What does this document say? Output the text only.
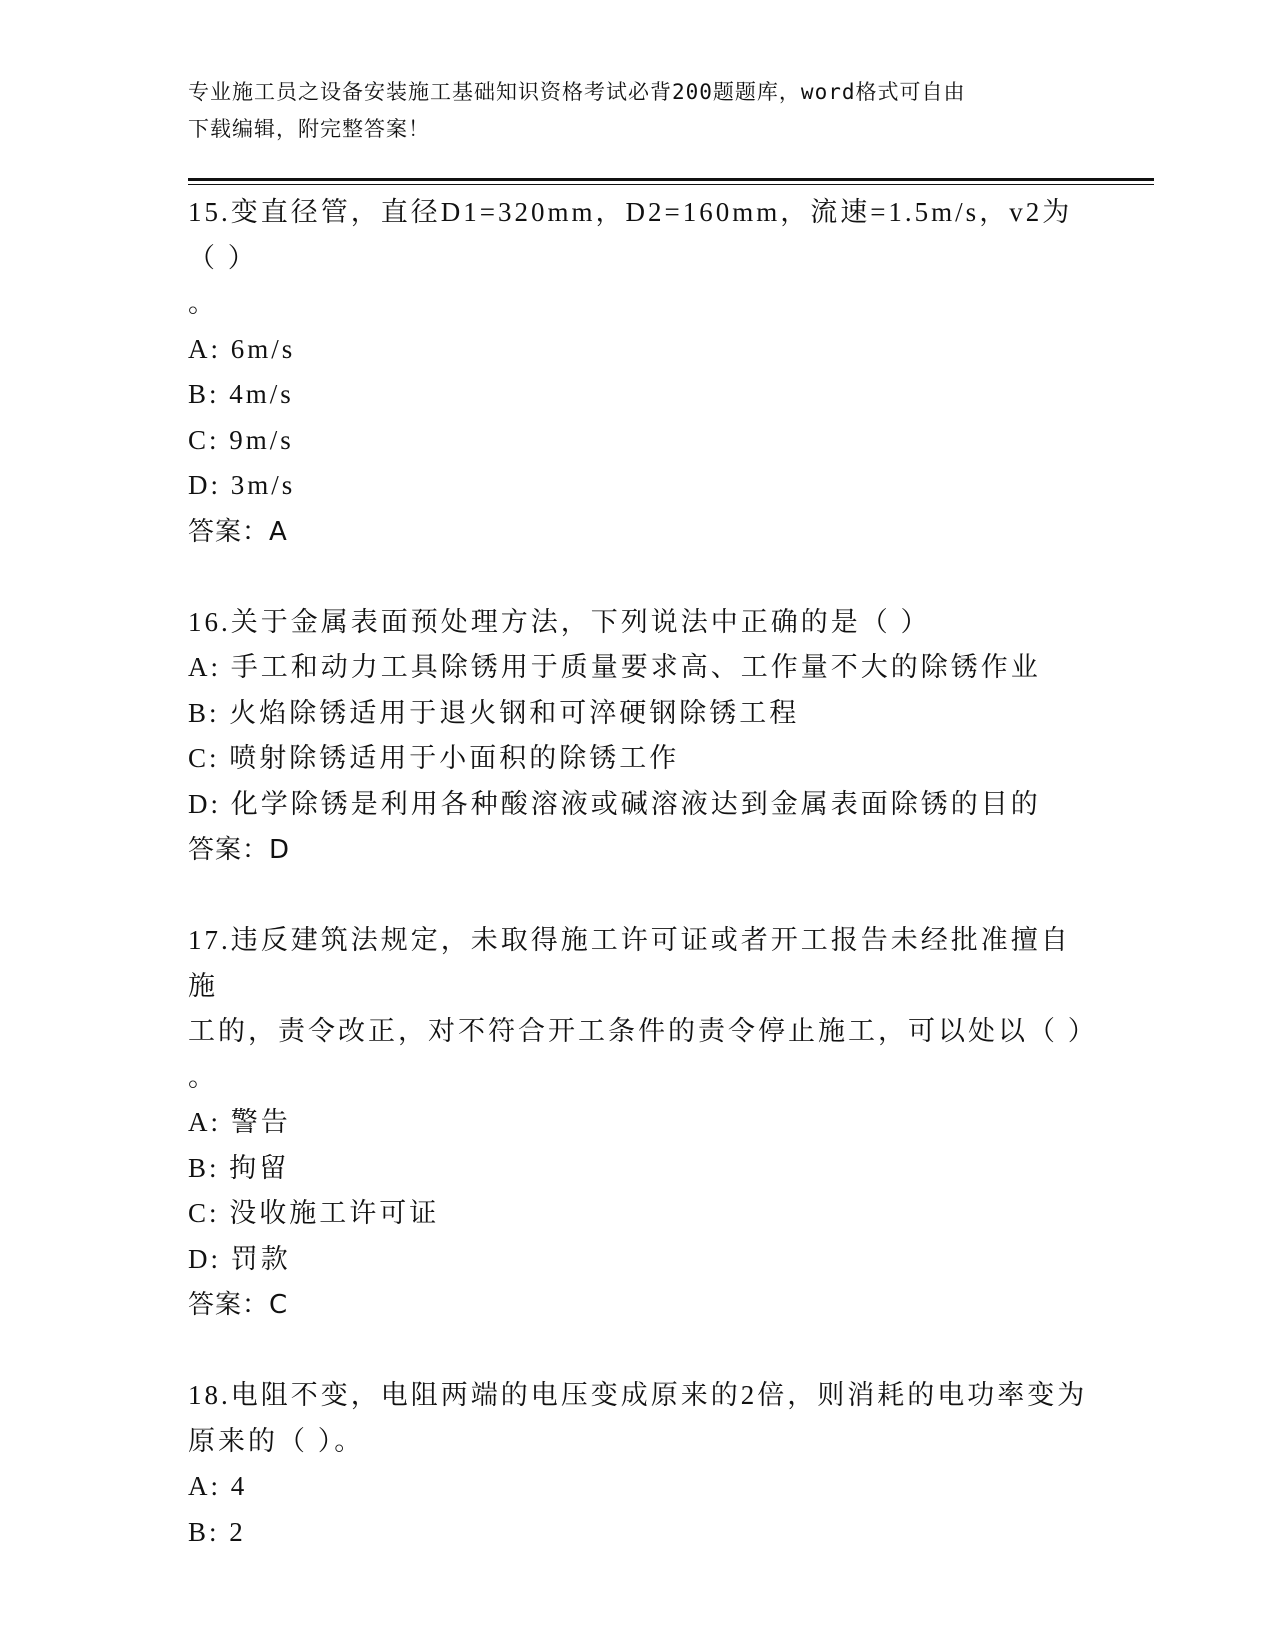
专业施工员之设备安装施工基础知识资格考试必背200题题库，word格式可自由
下载编辑，附完整答案！
15.变直径管，直径D1=320mm，D2=160mm，流速=1.5m/s，v2为（ ）
。
A: 6m/s
B: 4m/s
C: 9m/s
D: 3m/s
答案：A
16.关于金属表面预处理方法，下列说法中正确的是（ ）
A: 手工和动力工具除锈用于质量要求高、工作量不大的除锈作业
B: 火焰除锈适用于退火钢和可淬硬钢除锈工程
C: 喷射除锈适用于小面积的除锈工作
D: 化学除锈是利用各种酸溶液或碱溶液达到金属表面除锈的目的
答案：D
17.违反建筑法规定，未取得施工许可证或者开工报告未经批准擅自施
工的，责令改正，对不符合开工条件的责令停止施工，可以处以（ ）
。
A: 警告
B: 拘留
C: 没收施工许可证
D: 罚款
答案：C
18.电阻不变，电阻两端的电压变成原来的2倍，则消耗的电功率变为
原来的（ ）。
A: 4
B: 2
